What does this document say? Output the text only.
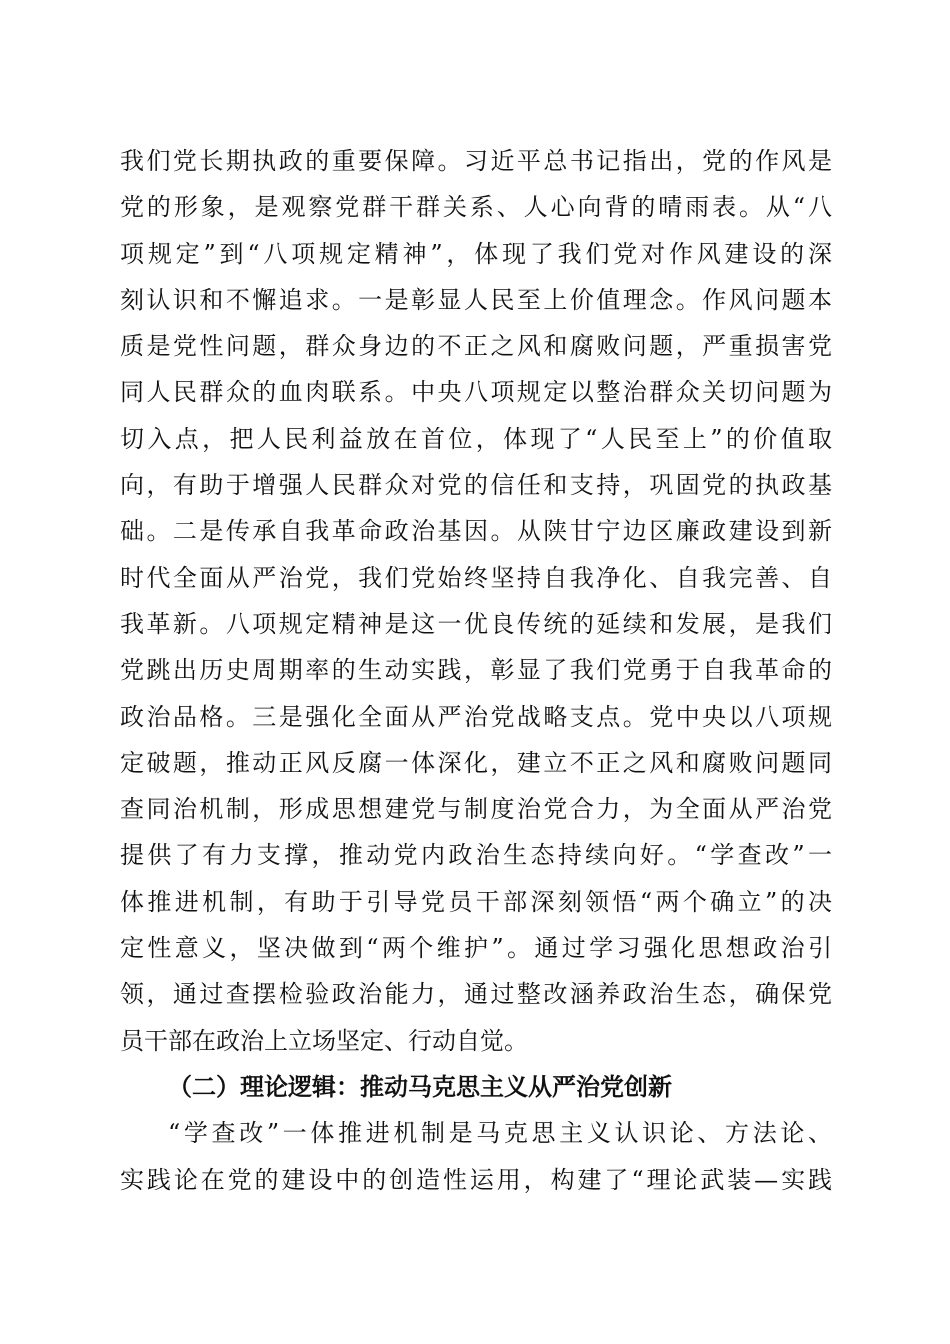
我们党长期执政的重要保障。习近平总书记指出，党的作风是
党的形象，是观察党群干群关系、人心向背的晴雨表。从“八
项规定”到“八项规定精神”，体现了我们党对作风建设的深
刻认识和不懈追求。一是彰显人民至上价值理念。作风问题本
质是党性问题，群众身边的不正之风和腐败问题，严重损害党
同人民群众的血肉联系。中央八项规定以整治群众关切问题为
切入点，把人民利益放在首位，体现了“人民至上”的价值取
向，有助于增强人民群众对党的信任和支持，巩固党的执政基
础。二是传承自我革命政治基因。从陕甘宁边区廉政建设到新
时代全面从严治党，我们党始终坚持自我净化、自我完善、自
我革新。八项规定精神是这一优良传统的延续和发展，是我们
党跳出历史周期率的生动实践，彰显了我们党勇于自我革命的
政治品格。三是强化全面从严治党战略支点。党中央以八项规
定破题，推动正风反腐一体深化，建立不正之风和腐败问题同
查同治机制，形成思想建党与制度治党合力，为全面从严治党
提供了有力支撑，推动党内政治生态持续向好。“学查改”一
体推进机制，有助于引导党员干部深刻领悟“两个确立”的决
定性意义，坚决做到“两个维护”。通过学习强化思想政治引
领，通过查摆检验政治能力，通过整改涵养政治生态，确保党
员干部在政治上立场坚定、行动自觉。
（二）理论逻辑：推动马克思主义从严治党创新
“学查改”一体推进机制是马克思主义认识论、方法论、
实践论在党的建设中的创造性运用，构建了“理论武装—实践
